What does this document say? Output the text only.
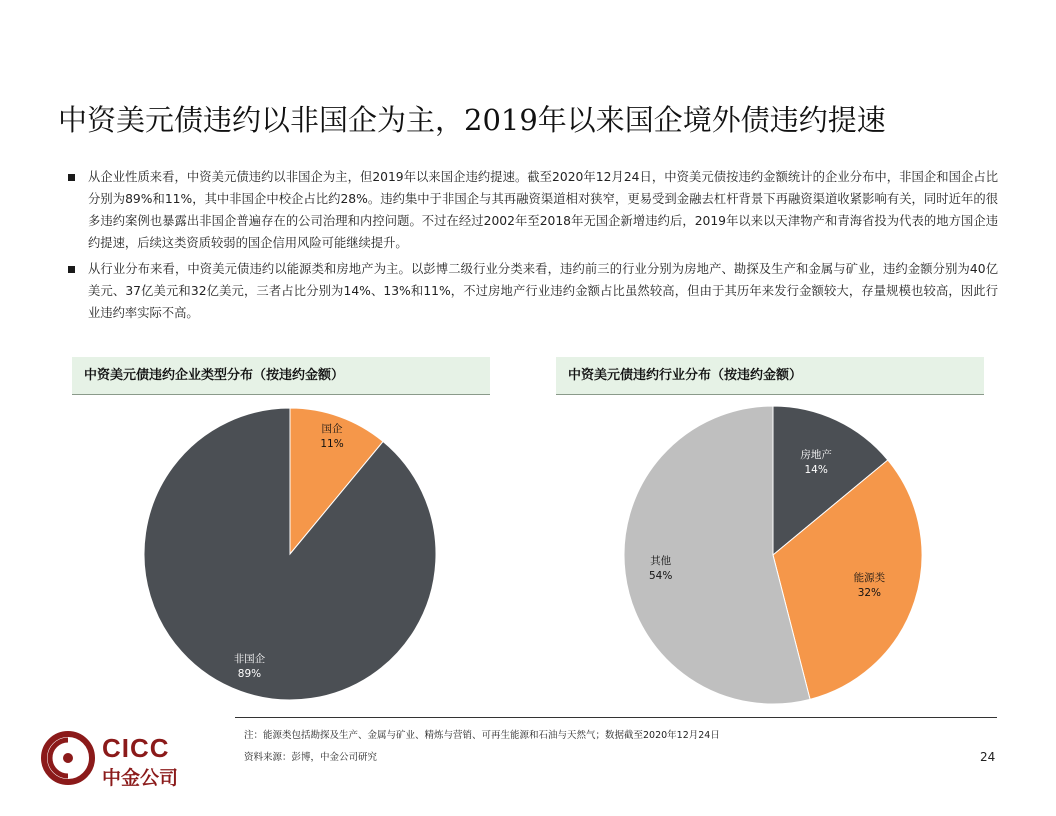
中资美元债违约以非国企为主，2019年以来国企境外债违约提速
从企业性质来看，中资美元债违约以非国企为主，但2019年以来国企违约提速。截至2020年12月24日，中资美元债按违约金额统计的企业分布中，非国企和国企占比分别为89%和11%，其中非国企中校企占比约28%。违约集中于非国企与其再融资渠道相对狭窄，更易受到金融去杠杆背景下再融资渠道收紧影响有关，同时近年的很多违约案例也暴露出非国企普遍存在的公司治理和内控问题。不过在经过2002年至2018年无国企新增违约后，2019年以来以天津物产和青海省投为代表的地方国企违约提速，后续这类资质较弱的国企信用风险可能继续提升。
从行业分布来看，中资美元债违约以能源类和房地产为主。以彭博二级行业分类来看，违约前三的行业分别为房地产、勘探及生产和金属与矿业，违约金额分别为40亿美元、37亿美元和32亿美元，三者占比分别为14%、13%和11%，不过房地产行业违约金额占比虽然较高，但由于其历年来发行金额较大，存量规模也较高，因此行业违约率实际不高。
中资美元债违约企业类型分布（按违约金额）	中资美元债违约行业分布（按违约金额）
国企
11%
非国企
89%
房地产
14%
能源类
32%
其他
54%
注：能源类包括勘探及生产、金属与矿业、精炼与营销、可再生能源和石油与天然气；数据截至2020年12月24日
资料来源：彭博，中金公司研究	24
CICC
中金公司
